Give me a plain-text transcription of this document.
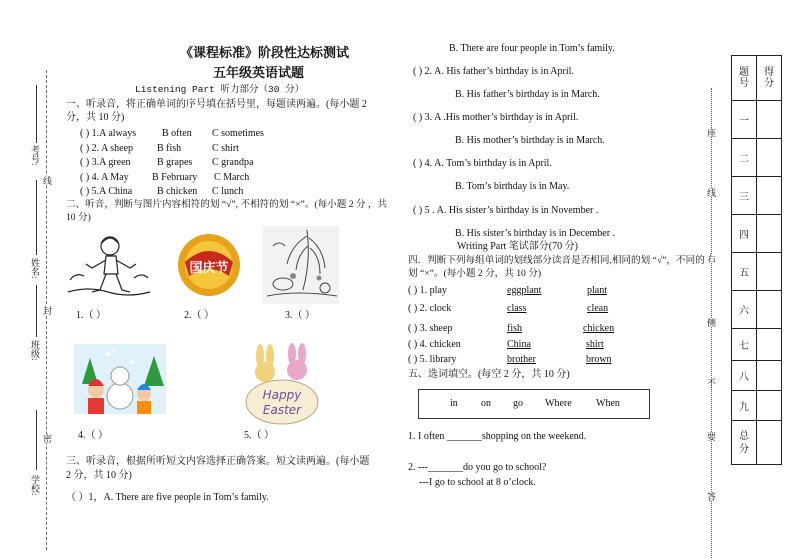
学校:
班级:
姓名:
考号:
密
封
线
《课程标准》阶段性达标测试
五年级英语试题
Listening Part 听力部分（30 分）
一、听录音，将正确单词的序号填在括号里，每题读两遍。(每小题 2
分，共 10 分)
( ) 1.A always	B often C sometimes
( ) 2. A sheep B fish	C shirt
( ) 3.A green	B grapes C grandpa
( ) 4. A May B February C March
( ) 5.A China B chicken C lunch
二、听音，判断与图片内容相符的划 “√”, 不相符的划 “×”。(每小题 2 分 ，共
10 分)
1.（ ）
国庆节
2.（ ）	3.（ ）
4.（ ）
Happy
Easter
5.（ ）
三、听录音，根据所听短文内容选择正确答案。短文读两遍。(每小题
2 分，共 10 分)
（ ）1，A. There are five people in Tom’s family.
B. There are four people in Tom’s family.
( ) 2. A. His father’s birthday is in April.
B. His father’s birthday is in March.
( ) 3. A .His mother’s birthday is in April.
B. His mother’s birthday is in March.
( ) 4. A. Tom’s birthday is in April.
B. Tom’s birthday is in May.
( ) 5 . A. His sister’s birthday is in November .
B. His sister’s birthday is in December .
Writing Part 笔试部分(70 分)
四．判断下列每组单词的划线部分读音是否相同,相同的划 “√”，不同的
划 “×”。(每小题 2 分，共 10 分)
( ) 1. play	eggplant	plant
( ) 2. clock	class	clean
( ) 3. sheep	fish	chicken
( ) 4. chicken	China	shirt
( ) 5. library	brother	brown
五、选词填空。(每空 2 分，共 10 分)
in on go Where When
1. I often _______shopping on the weekend.
2. ---_______do you go to school?
---I go to school at 8 o’clock.
座
线
右
侧
不
要
答
题号	得分
一	
二	
三	
四	
五	
六	
七	
八	
九	
总分	
